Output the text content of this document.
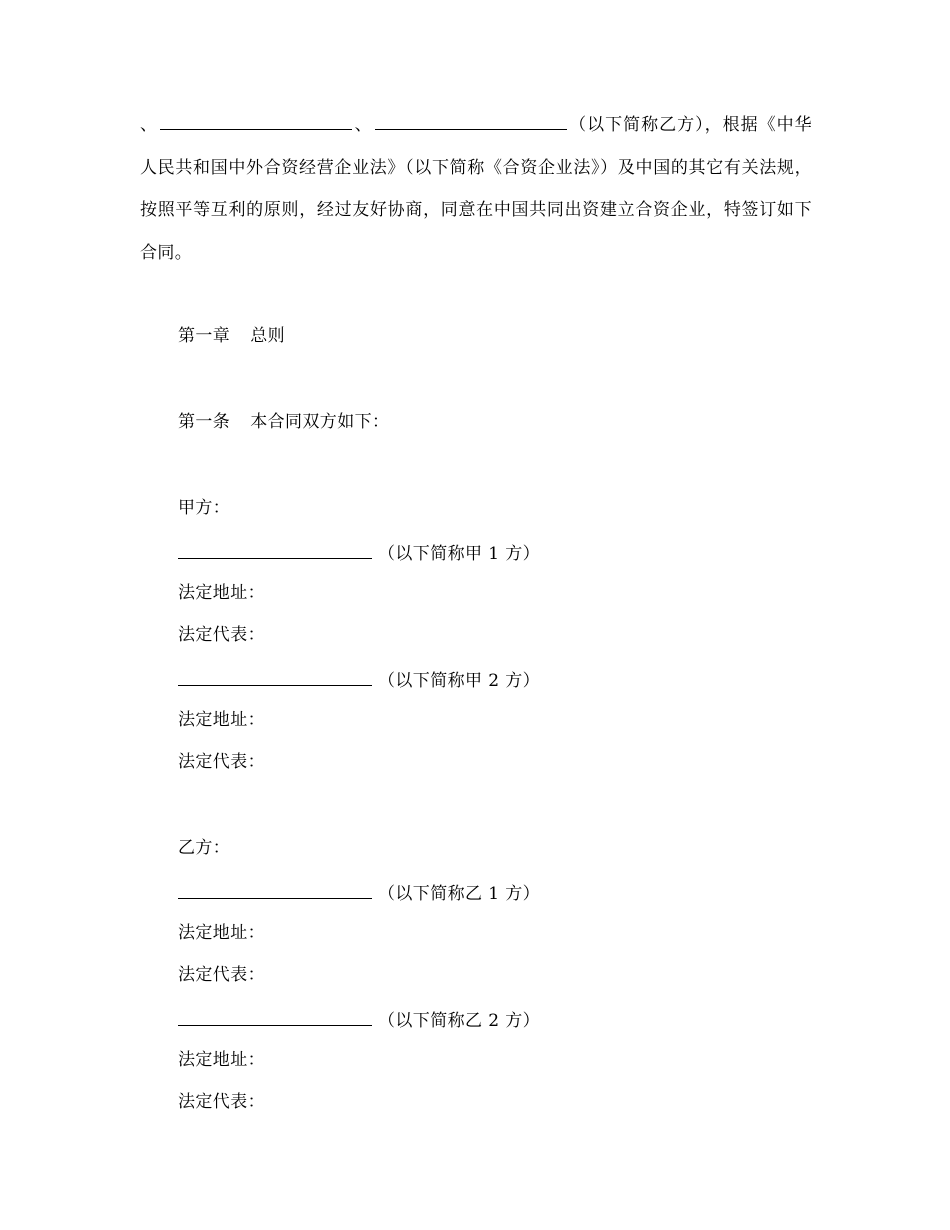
、	、	（以下简称乙方），根据《中华人民共和国中外合资经营企业法》（以下简称《合资企业法》）及中国的其它有关法规，按照平等互利的原则，经过友好协商，同意在中国共同出资建立合资企业，特签订如下合同。
第一章 总则
第一条 本合同双方如下：
甲方：
（以下简称甲 1 方）
法定地址：
法定代表：
（以下简称甲 2 方）
法定地址：
法定代表：
乙方：
（以下简称乙 1 方）
法定地址：
法定代表：
（以下简称乙 2 方）
法定地址：
法定代表：
